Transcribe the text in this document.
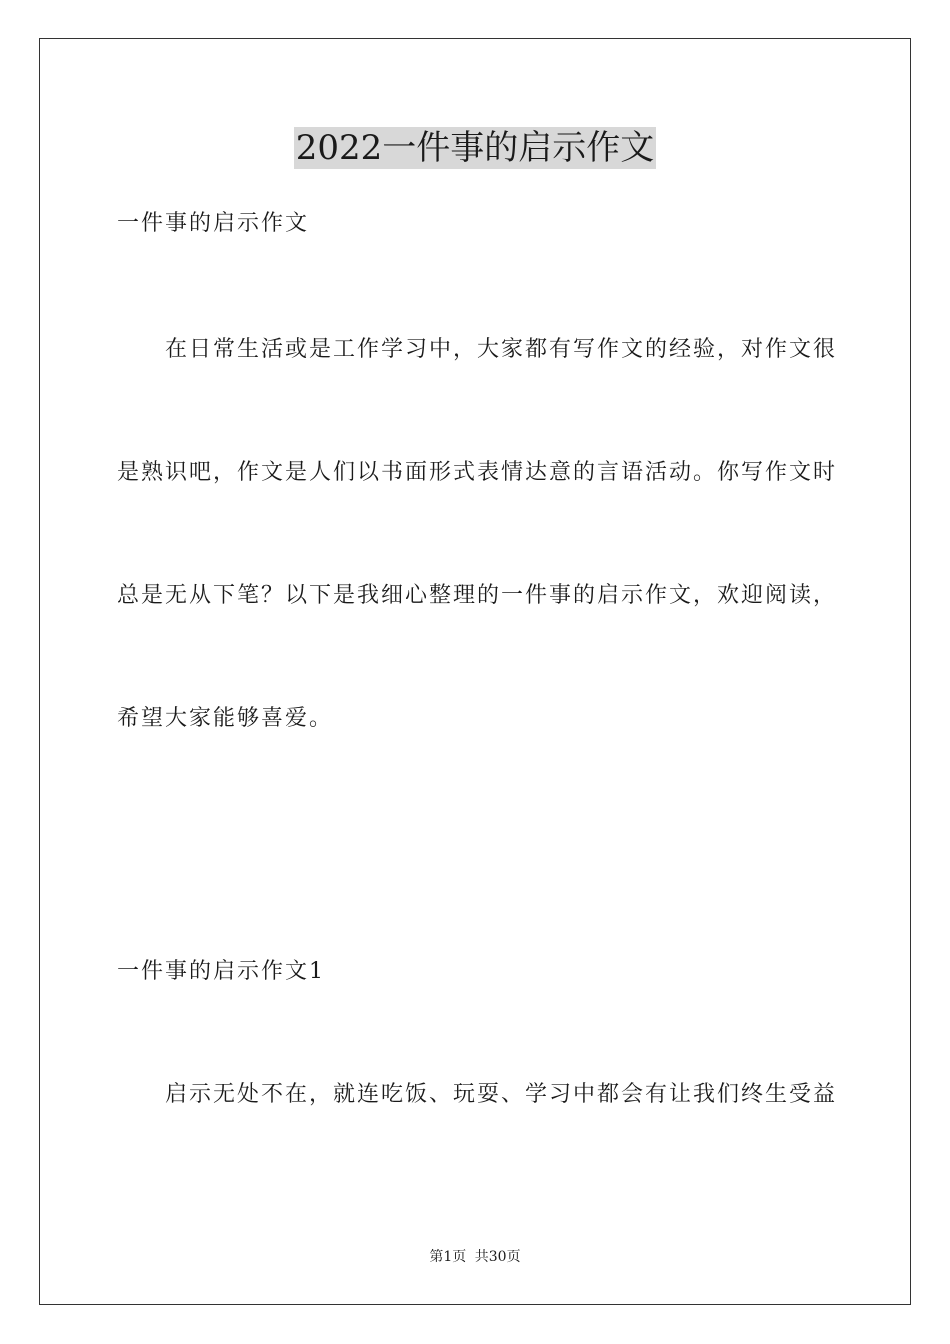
2022一件事的启示作文
一件事的启示作文
在日常生活或是工作学习中，大家都有写作文的经验，对作文很
是熟识吧，作文是人们以书面形式表情达意的言语活动。你写作文时
总是无从下笔？以下是我细心整理的一件事的启示作文，欢迎阅读，
希望大家能够喜爱。
一件事的启示作文1
启示无处不在，就连吃饭、玩耍、学习中都会有让我们终生受益
第1页 共30页
